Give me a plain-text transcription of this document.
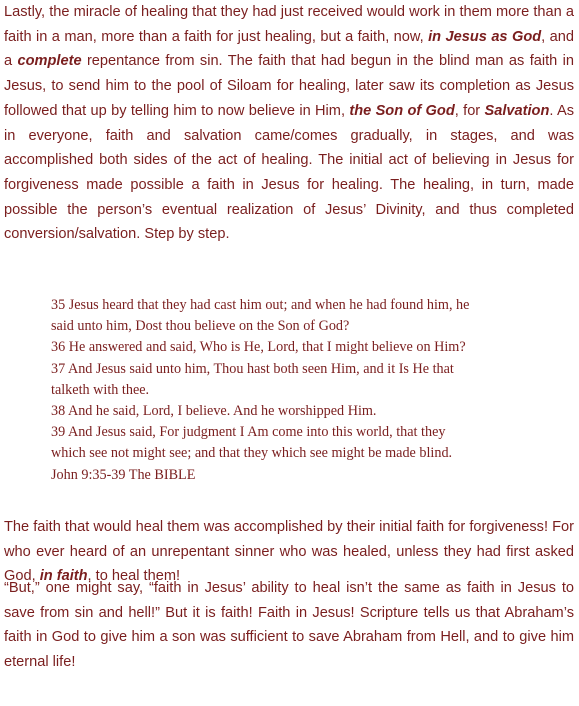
Lastly, the miracle of healing that they had just received would work in them more than a faith in a man, more than a faith for just healing, but a faith, now, in Jesus as God, and a complete repentance from sin. The faith that had begun in the blind man as faith in Jesus, to send him to the pool of Siloam for healing, later saw its completion as Jesus followed that up by telling him to now believe in Him, the Son of God, for Salvation. As in everyone, faith and salvation came/comes gradually, in stages, and was accomplished both sides of the act of healing. The initial act of believing in Jesus for forgiveness made possible a faith in Jesus for healing. The healing, in turn, made possible the person’s eventual realization of Jesus’ Divinity, and thus completed conversion/salvation. Step by step.

35 Jesus heard that they had cast him out; and when he had found him, he
said unto him, Dost thou believe on the Son of God?
36 He answered and said, Who is He, Lord, that I might believe on Him?
37 And Jesus said unto him, Thou hast both seen Him, and it Is He that
talketh with thee.
38 And he said, Lord, I believe. And he worshipped Him.
39 And Jesus said, For judgment I Am come into this world, that they
which see not might see; and that they which see might be made blind.
John 9:35-39 The BIBLE

The faith that would heal them was accomplished by their initial faith for forgiveness! For who ever heard of an unrepentant sinner who was healed, unless they had first asked God, in faith, to heal them!

“But,” one might say, “faith in Jesus’ ability to heal isn’t the same as faith in Jesus to save from sin and hell!” But it is faith! Faith in Jesus! Scripture tells us that Abraham’s faith in God to give him a son was sufficient to save Abraham from Hell, and to give him eternal life!
